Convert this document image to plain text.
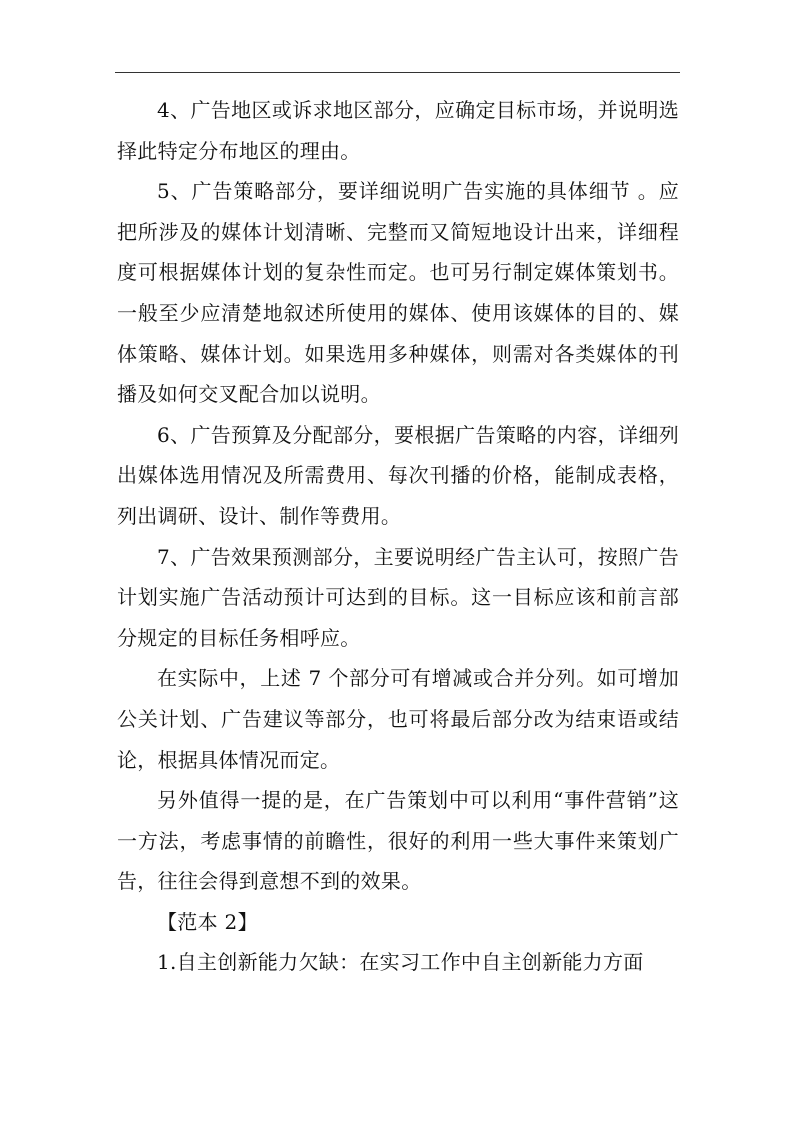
4、广告地区或诉求地区部分，应确定目标市场，并说明选择此特定分布地区的理由。

5、广告策略部分，要详细说明广告实施的具体细节 。应把所涉及的媒体计划清晰、完整而又简短地设计出来，详细程度可根据媒体计划的复杂性而定。也可另行制定媒体策划书。一般至少应清楚地叙述所使用的媒体、使用该媒体的目的、媒体策略、媒体计划。如果选用多种媒体，则需对各类媒体的刊播及如何交叉配合加以说明。

6、广告预算及分配部分，要根据广告策略的内容，详细列出媒体选用情况及所需费用、每次刊播的价格，能制成表格，列出调研、设计、制作等费用。

7、广告效果预测部分，主要说明经广告主认可，按照广告计划实施广告活动预计可达到的目标。这一目标应该和前言部分规定的目标任务相呼应。

在实际中，上述 7 个部分可有增减或合并分列。如可增加公关计划、广告建议等部分，也可将最后部分改为结束语或结论，根据具体情况而定。

另外值得一提的是，在广告策划中可以利用“事件营销”这一方法，考虑事情的前瞻性，很好的利用一些大事件来策划广告，往往会得到意想不到的效果。

【范本 2】

1.自主创新能力欠缺：在实习工作中自主创新能力方面
